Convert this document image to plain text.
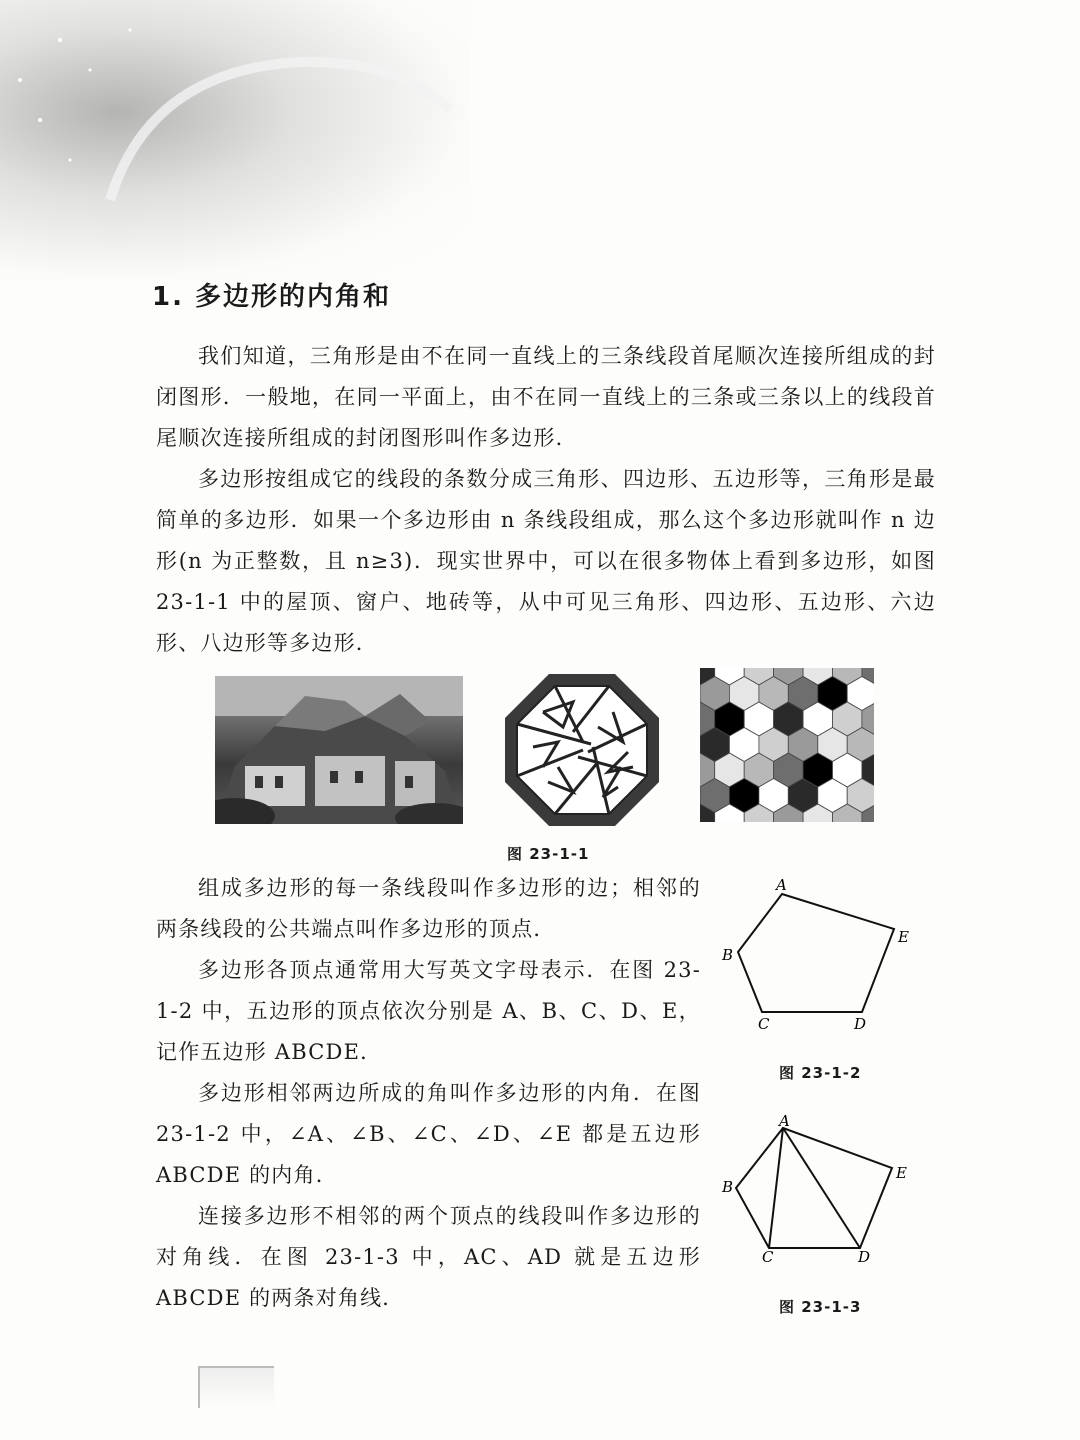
1. 多边形的内角和

我们知道，三角形是由不在同一直线上的三条线段首尾顺次连接所组成的封闭图形．一般地，在同一平面上，由不在同一直线上的三条或三条以上的线段首尾顺次连接所组成的封闭图形叫作多边形．

多边形按组成它的线段的条数分成三角形、四边形、五边形等，三角形是最简单的多边形．如果一个多边形由 n 条线段组成，那么这个多边形就叫作 n 边形(n 为正整数，且 n≥3)．现实世界中，可以在很多物体上看到多边形，如图 23-1-1 中的屋顶、窗户、地砖等，从中可见三角形、四边形、五边形、六边形、八边形等多边形．

图 23-1-1

组成多边形的每一条线段叫作多边形的边；相邻的两条线段的公共端点叫作多边形的顶点．

多边形各顶点通常用大写英文字母表示．在图 23-1-2 中，五边形的顶点依次分别是 A、B、C、D、E，记作五边形 ABCDE．

多边形相邻两边所成的角叫作多边形的内角．在图 23-1-2 中，∠A、∠B、∠C、∠D、∠E 都是五边形 ABCDE 的内角．

连接多边形不相邻的两个顶点的线段叫作多边形的对角线．在图 23-1-3 中，AC、AD 就是五边形 ABCDE 的两条对角线．

A
E
B
C	D

图 23-1-2

A
E
B
C	D

图 23-1-3
